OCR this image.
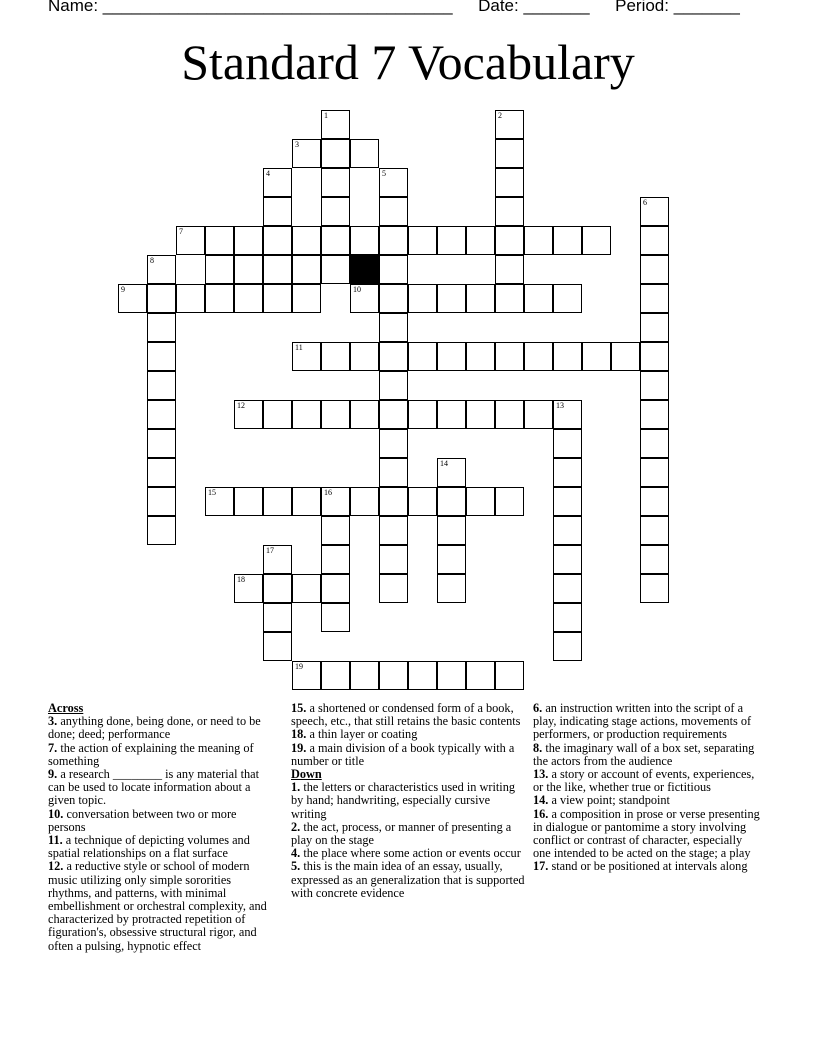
Name: _____________________________________ Date: _______ Period: _______
Standard 7 Vocabulary
3
7
9	10
11
12
15	16
18
19
1	2
4	5
6
8
13
14
17
Across
3. anything done, being done, or need to be done; deed; performance
7. the action of explaining the meaning of something
9. a research ________ is any material that can be used to locate information about a given topic.
10. conversation between two or more persons
11. a technique of depicting volumes and spatial relationships on a flat surface
12. a reductive style or school of modern music utilizing only simple sororities rhythms, and patterns, with minimal embellishment or orchestral complexity, and characterized by protracted repetition of figuration's, obsessive structural rigor, and often a pulsing, hypnotic effect
15. a shortened or condensed form of a book, speech, etc., that still retains the basic contents
18. a thin layer or coating
19. a main division of a book typically with a number or title
Down
1. the letters or characteristics used in writing by hand; handwriting, especially cursive writing
2. the act, process, or manner of presenting a play on the stage
4. the place where some action or events occur
5. this is the main idea of an essay, usually, expressed as an generalization that is supported with concrete evidence
6. an instruction written into the script of a play, indicating stage actions, movements of performers, or production requirements
8. the imaginary wall of a box set, separating the actors from the audience
13. a story or account of events, experiences, or the like, whether true or fictitious
14. a view point; standpoint
16. a composition in prose or verse presenting in dialogue or pantomime a story involving conflict or contrast of character, especially one intended to be acted on the stage; a play
17. stand or be positioned at intervals along
